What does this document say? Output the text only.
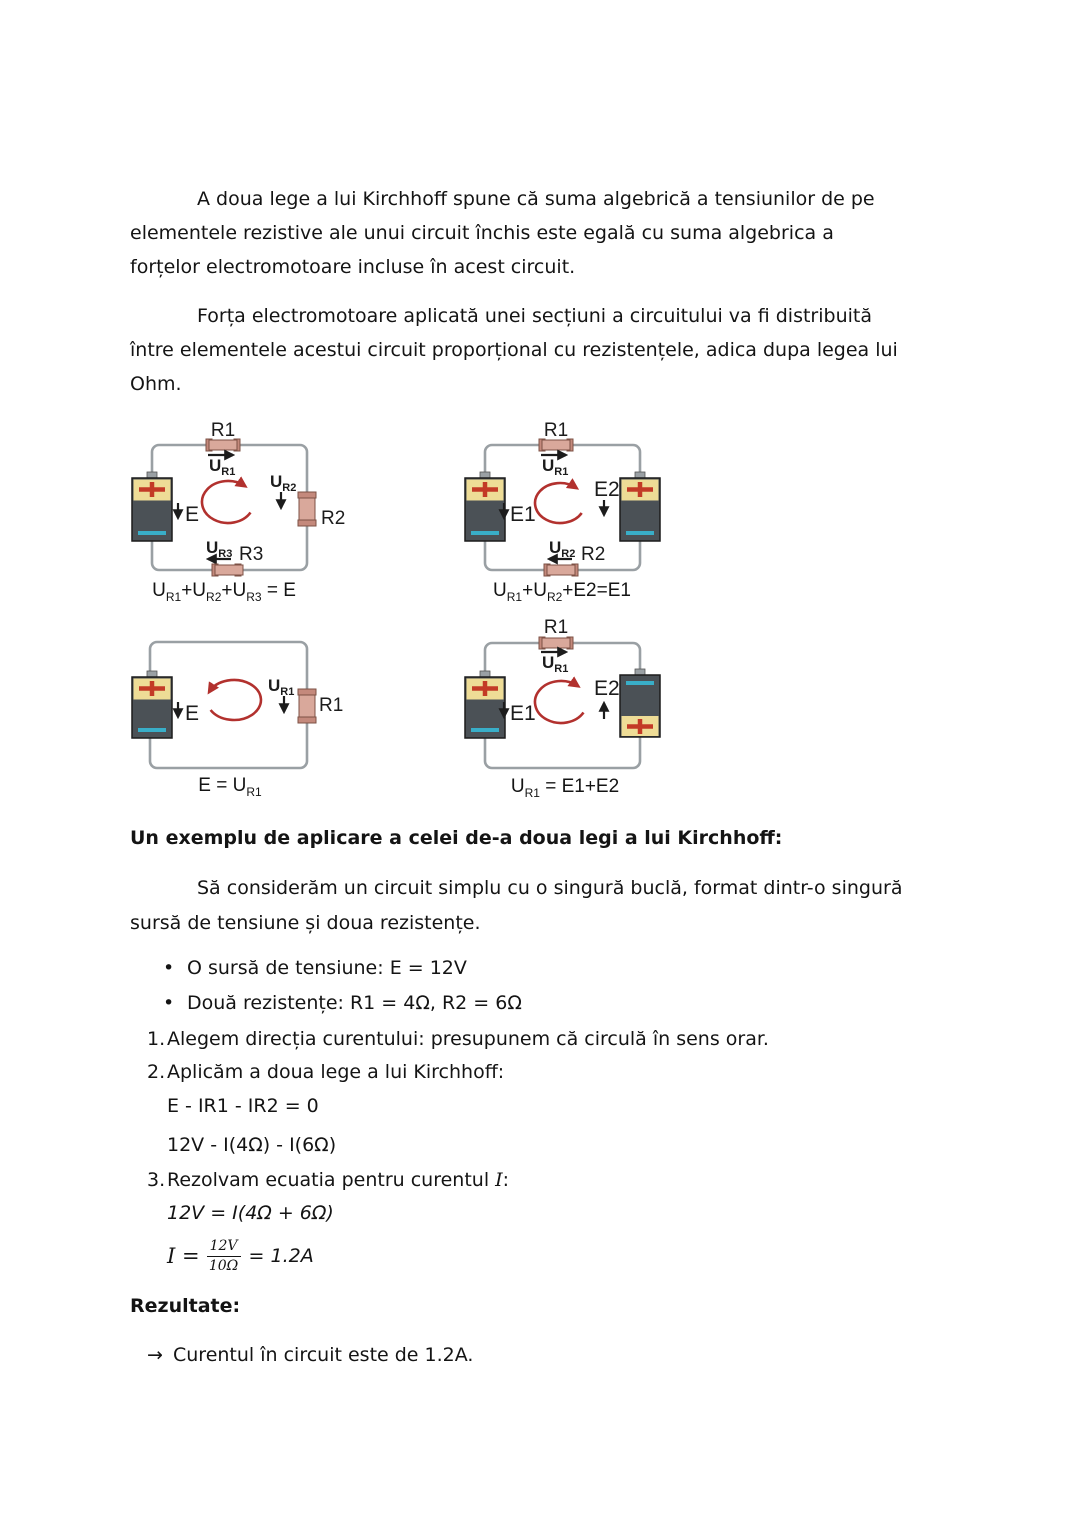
A doua lege a lui Kirchhoff spune că suma algebrică a tensiunilor de pe
elementele rezistive ale unui circuit închis este egală cu suma algebrica a
forțelor electromotoare incluse în acest circuit.
Forța electromotoare aplicată unei secțiuni a circuitului va fi distribuită
între elementele acestui circuit proporțional cu rezistențele, adica dupa legea lui
Ohm.
R1
$U_{R1}$
E
$U_{R2}$
R2
$U_{R3}$ R3
$U_{R1}+U_{R2}+U_{R3} = E$
R1
$U_{R1}$
E1
E2
$U_{R2}$ R2
$U_{R1}+U_{R2}+E2=E1$
E
$U_{R1}$
R1
$E = U_{R1}$
R1
$U_{R1}$
E1
E2
$U_{R1} = E1+E2$
Un exemplu de aplicare a celei de-a doua legi a lui Kirchhoff:
Să considerăm un circuit simplu cu o singură buclă, format dintr-o singură
sursă de tensiune și doua rezistențe.
• O sursă de tensiune: E = 12V
• Două rezistențe: R1 = 4Ω, R2 = 6Ω
1. Alegem direcția curentului: presupunem că circulă în sens orar.
2. Aplicăm a doua lege a lui Kirchhoff:
E - IR1 - IR2 = 0
12V - I(4Ω) - I(6Ω)
3. Rezolvam ecuatia pentru curentul I:
12V = I(4Ω + 6Ω)
$I = \frac{12V}{10\Omega} = 1.2A$
Rezultate:
→ Curentul în circuit este de 1.2A.
